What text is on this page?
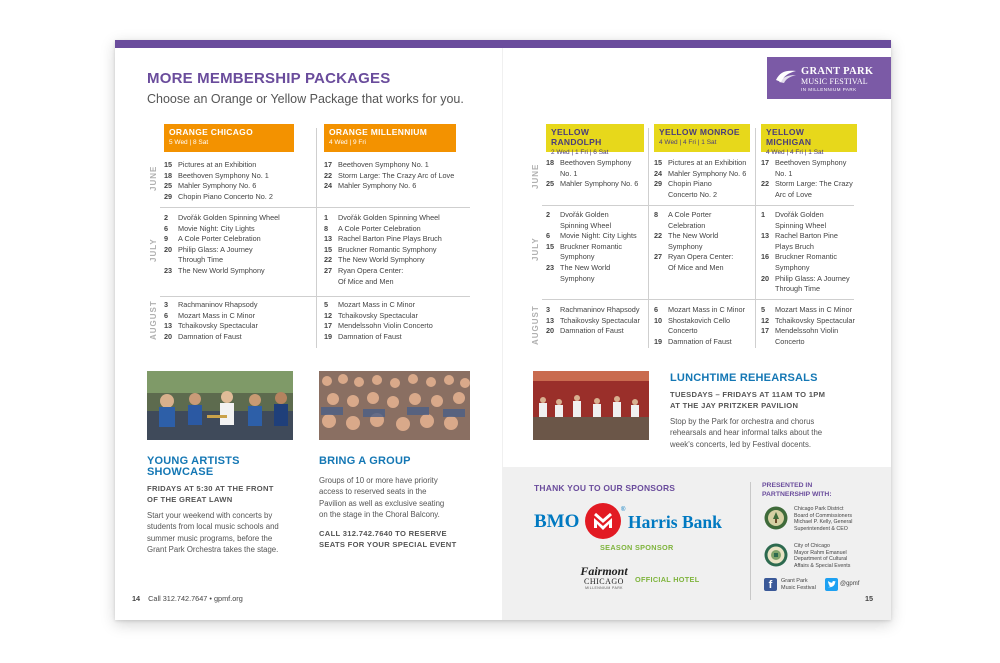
MORE MEMBERSHIP PACKAGES
Choose an Orange or Yellow Package that works for you.
GRANT PARK
MUSIC FESTIVAL
IN MILLENNIUM PARK
JUNE
JULY
AUGUST
ORANGE CHICAGO
5 Wed | 8 Sat
ORANGE MILLENNIUM
4 Wed | 9 Fri
15 Pictures at an Exhibition
18 Beethoven Symphony No. 1
25 Mahler Symphony No. 6
29 Chopin Piano Concerto No. 2
2 Dvořák Golden Spinning Wheel
6 Movie Night: City Lights
9 A Cole Porter Celebration
20 Philip Glass: A Journey
Through Time
23 The New World Symphony
3 Rachmaninov Rhapsody
6 Mozart Mass in C Minor
13 Tchaikovsky Spectacular
20 Damnation of Faust
17 Beethoven Symphony No. 1
22 Storm Large: The Crazy Arc of Love
24 Mahler Symphony No. 6
1 Dvořák Golden Spinning Wheel
8 A Cole Porter Celebration
13 Rachel Barton Pine Plays Bruch
15 Bruckner Romantic Symphony
22 The New World Symphony
27 Ryan Opera Center:
Of Mice and Men
5 Mozart Mass in C Minor
12 Tchaikovsky Spectacular
17 Mendelssohn Violin Concerto
19 Damnation of Faust
JUNE
JULY
AUGUST
YELLOW RANDOLPH
2 Wed | 1 Fri | 6 Sat
YELLOW MONROE
4 Wed | 4 Fri | 1 Sat
YELLOW MICHIGAN
4 Wed | 4 Fri | 1 Sat
18 Beethoven Symphony
No. 1
25 Mahler Symphony No. 6
2 Dvořák Golden
Spinning Wheel
6 Movie Night: City Lights
15 Bruckner Romantic
Symphony
23 The New World
Symphony
3 Rachmaninov Rhapsody
13 Tchaikovsky Spectacular
20 Damnation of Faust
15 Pictures at an Exhibition
24 Mahler Symphony No. 6
29 Chopin Piano
Concerto No. 2
8 A Cole Porter
Celebration
22 The New World
Symphony
27 Ryan Opera Center:
Of Mice and Men
6 Mozart Mass in C Minor
10 Shostakovich Cello
Concerto
19 Damnation of Faust
17 Beethoven Symphony
No. 1
22 Storm Large: The Crazy
Arc of Love
1 Dvořák Golden
Spinning Wheel
13 Rachel Barton Pine
Plays Bruch
16 Bruckner Romantic
Symphony
20 Philip Glass: A Journey
Through Time
5 Mozart Mass in C Minor
12 Tchaikovsky Spectacular
17 Mendelssohn Violin
Concerto
YOUNG ARTISTS
SHOWCASE
FRIDAYS AT 5:30 AT THE FRONT
OF THE GREAT LAWN
Start your weekend with concerts by
students from local music schools and
summer music programs, before the
Grant Park Orchestra takes the stage.
BRING A GROUP
Groups of 10 or more have priority
access to reserved seats in the
Pavilion as well as exclusive seating
on the stage in the Choral Balcony.
CALL 312.742.7640 TO RESERVE
SEATS FOR YOUR SPECIAL EVENT
LUNCHTIME REHEARSALS
TUESDAYS – FRIDAYS AT 11AM TO 1PM
AT THE JAY PRITZKER PAVILION
Stop by the Park for orchestra and chorus
rehearsals and hear informal talks about the
week's concerts, led by Festival docents.
THANK YOU TO OUR SPONSORS
BMO
®
Harris Bank
SEASON SPONSOR
Fairmont
CHICAGO
MILLENNIUM PARK
OFFICIAL HOTEL
PRESENTED IN
PARTNERSHIP WITH:
Chicago Park District
Board of Commissioners
Michael P. Kelly, General
Superintendent & CEO
City of Chicago
Mayor Rahm Emanuel
Department of Cultural
Affairs & Special Events
f	Grant Park
Music Festival
@gpmf
14 Call 312.742.7647 • gpmf.org	15
